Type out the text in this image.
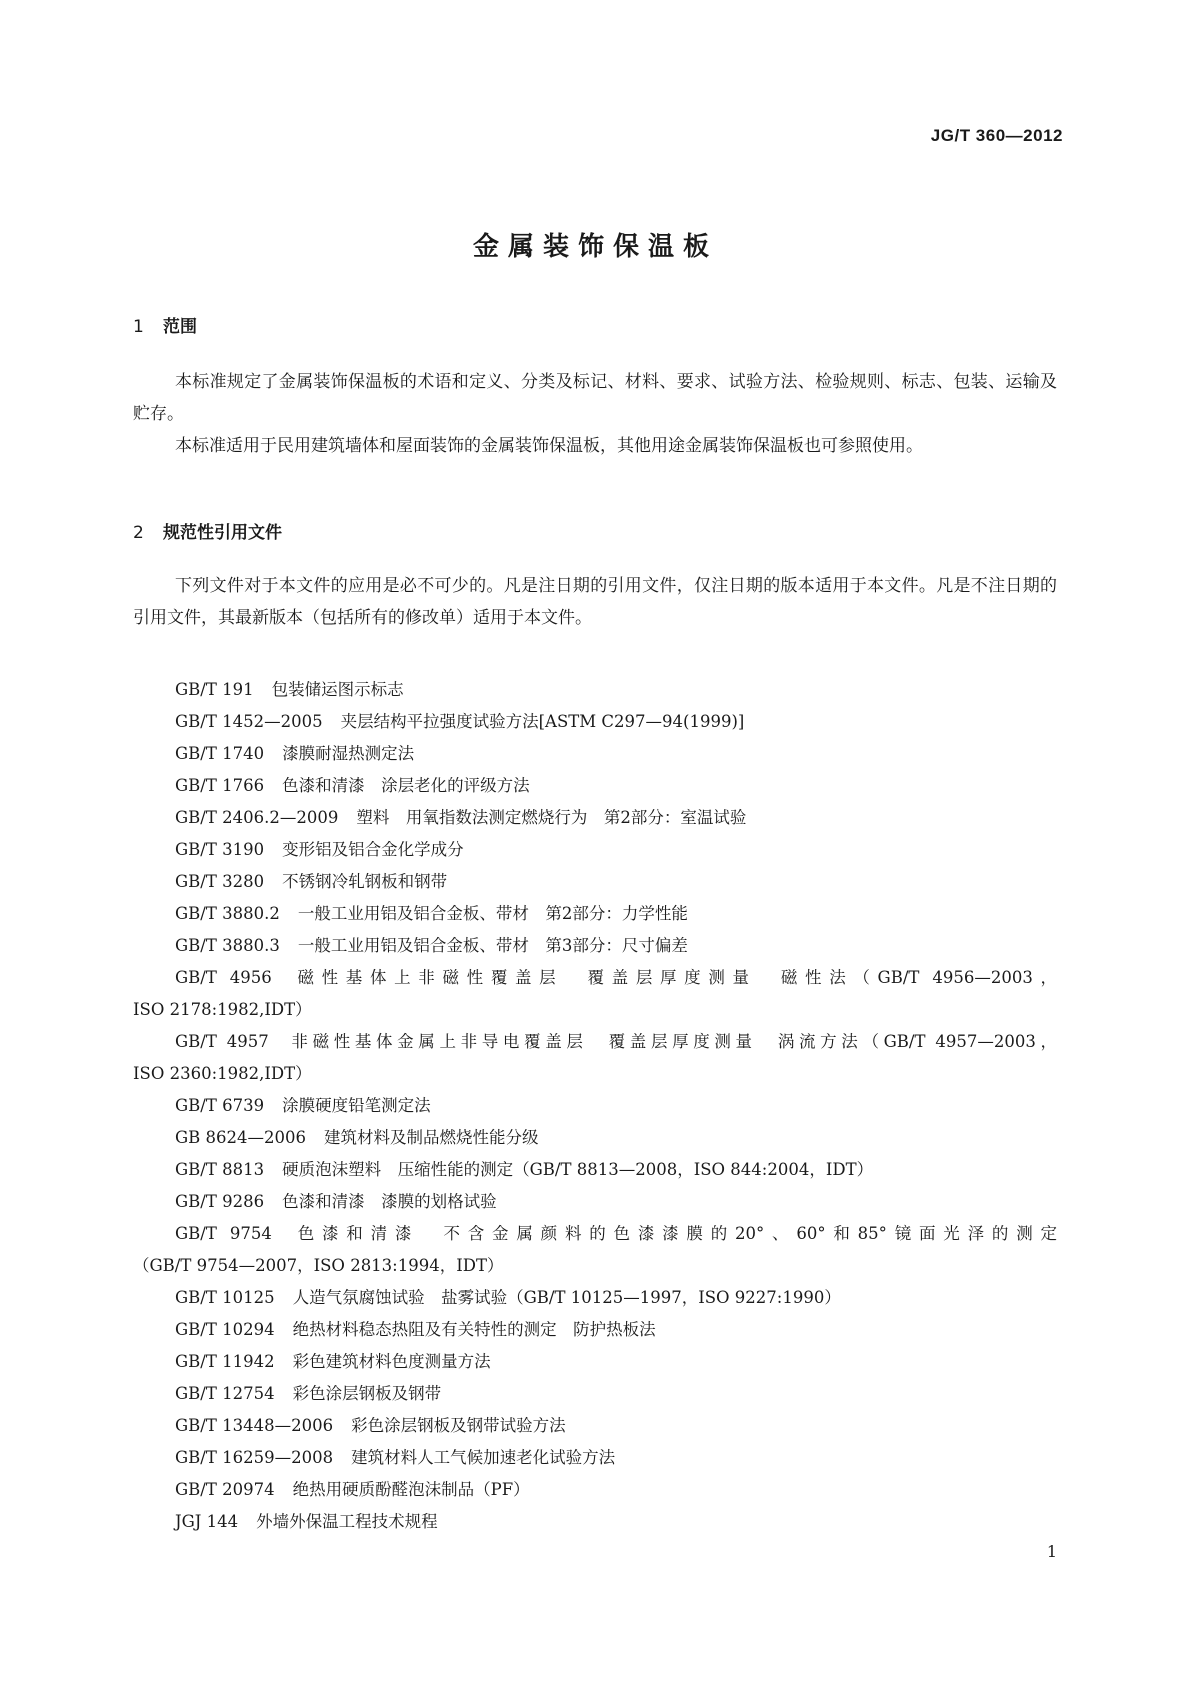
JG/T 360—2012
金属装饰保温板
1 范围

本标准规定了金属装饰保温板的术语和定义、分类及标记、材料、要求、试验方法、检验规则、标志、包装、运输及贮存。

本标准适用于民用建筑墙体和屋面装饰的金属装饰保温板，其他用途金属装饰保温板也可参照使用。

2 规范性引用文件

下列文件对于本文件的应用是必不可少的。凡是注日期的引用文件，仅注日期的版本适用于本文件。凡是不注日期的引用文件，其最新版本（包括所有的修改单）适用于本文件。

GB/T 191 包装储运图示标志
GB/T 1452—2005 夹层结构平拉强度试验方法[ASTM C297—94(1999)]
GB/T 1740 漆膜耐湿热测定法
GB/T 1766 色漆和清漆　涂层老化的评级方法
GB/T 2406.2—2009 塑料　用氧指数法测定燃烧行为　第2部分：室温试验
GB/T 3190 变形铝及铝合金化学成分
GB/T 3280 不锈钢冷轧钢板和钢带
GB/T 3880.2 一般工业用铝及铝合金板、带材　第2部分：力学性能
GB/T 3880.3 一般工业用铝及铝合金板、带材　第3部分：尺寸偏差
GB/T 4956 磁性基体上非磁性覆盖层　覆盖层厚度测量　磁性法（GB/T 4956—2003，
ISO 2178:1982,IDT）
GB/T 4957 非磁性基体金属上非导电覆盖层　覆盖层厚度测量　涡流方法（GB/T 4957—2003，
ISO 2360:1982,IDT）
GB/T 6739 涂膜硬度铅笔测定法
GB 8624—2006 建筑材料及制品燃烧性能分级
GB/T 8813 硬质泡沫塑料　压缩性能的测定（GB/T 8813—2008，ISO 844:2004，IDT）
GB/T 9286 色漆和清漆　漆膜的划格试验
GB/T 9754 色漆和清漆　不含金属颜料的色漆漆膜的20°、60°和85°镜面光泽的测定
（GB/T 9754—2007，ISO 2813:1994，IDT）
GB/T 10125 人造气氛腐蚀试验　盐雾试验（GB/T 10125—1997，ISO 9227:1990）
GB/T 10294 绝热材料稳态热阻及有关特性的测定　防护热板法
GB/T 11942 彩色建筑材料色度测量方法
GB/T 12754 彩色涂层钢板及钢带
GB/T 13448—2006 彩色涂层钢板及钢带试验方法
GB/T 16259—2008 建筑材料人工气候加速老化试验方法
GB/T 20974 绝热用硬质酚醛泡沫制品（PF）
JGJ 144 外墙外保温工程技术规程
1
